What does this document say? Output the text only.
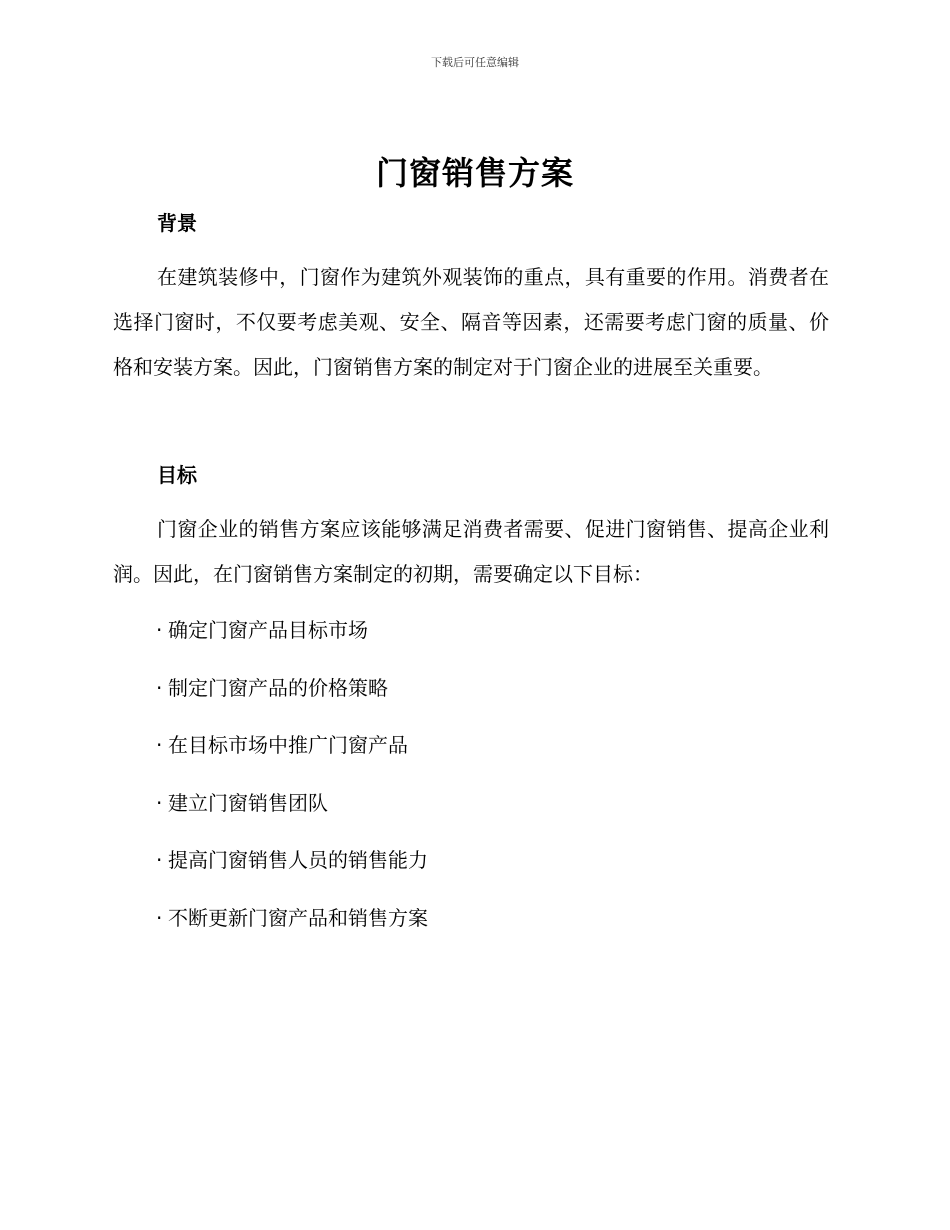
下载后可任意编辑
门窗销售方案
背景
在建筑装修中，门窗作为建筑外观装饰的重点，具有重要的作用。消费者在选择门窗时，不仅要考虑美观、安全、隔音等因素，还需要考虑门窗的质量、价格和安装方案。因此，门窗销售方案的制定对于门窗企业的进展至关重要。
目标
门窗企业的销售方案应该能够满足消费者需要、促进门窗销售、提高企业利润。因此，在门窗销售方案制定的初期，需要确定以下目标：
· 确定门窗产品目标市场
· 制定门窗产品的价格策略
· 在目标市场中推广门窗产品
· 建立门窗销售团队
· 提高门窗销售人员的销售能力
· 不断更新门窗产品和销售方案
